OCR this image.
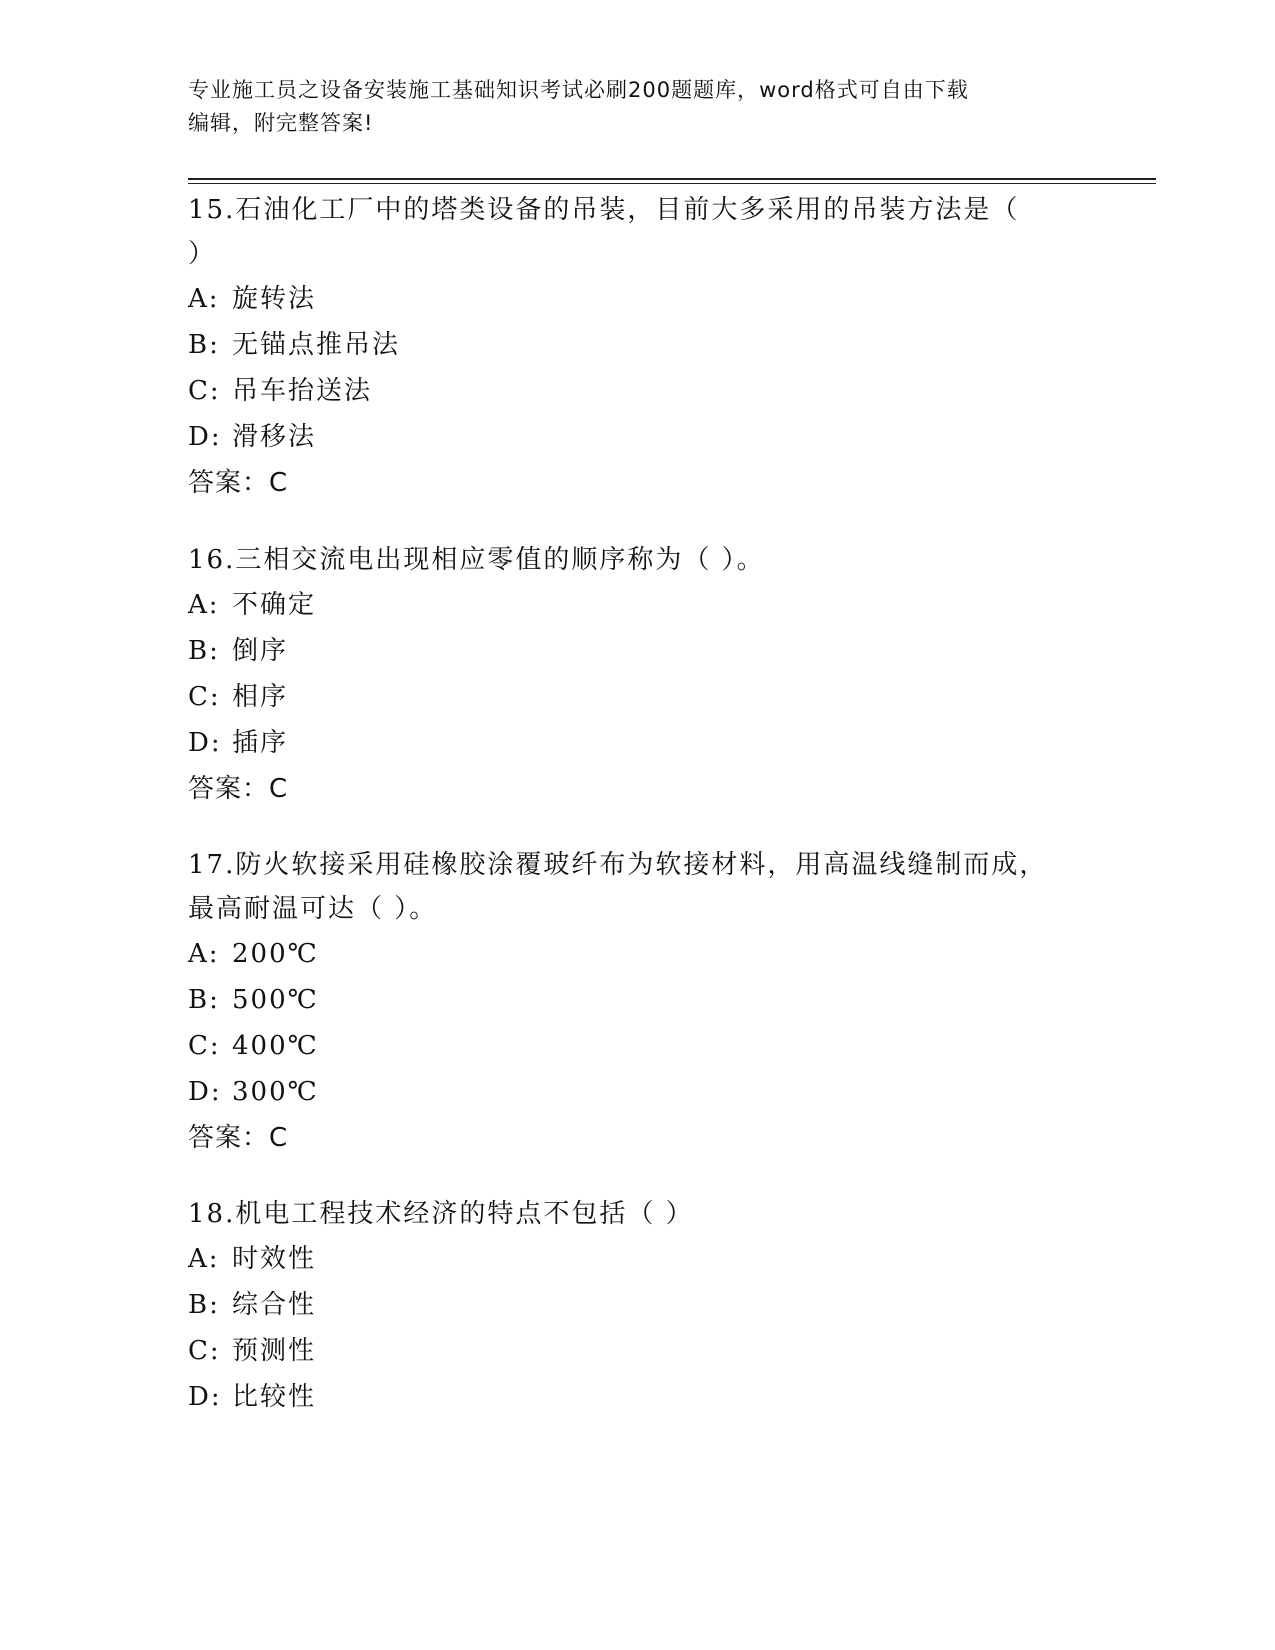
专业施工员之设备安装施工基础知识考试必刷200题题库，word格式可自由下载
编辑，附完整答案!
15.石油化工厂中的塔类设备的吊装，目前大多采用的吊装方法是（
）
A: 旋转法
B: 无锚点推吊法
C: 吊车抬送法
D: 滑移法
答案：C
16.三相交流电出现相应零值的顺序称为（ ）。
A: 不确定
B: 倒序
C: 相序
D: 插序
答案：C
17.防火软接采用硅橡胶涂覆玻纤布为软接材料，用高温线缝制而成，
最高耐温可达（ ）。
A: 200℃
B: 500℃
C: 400℃
D: 300℃
答案：C
18.机电工程技术经济的特点不包括（ ）
A: 时效性
B: 综合性
C: 预测性
D: 比较性
